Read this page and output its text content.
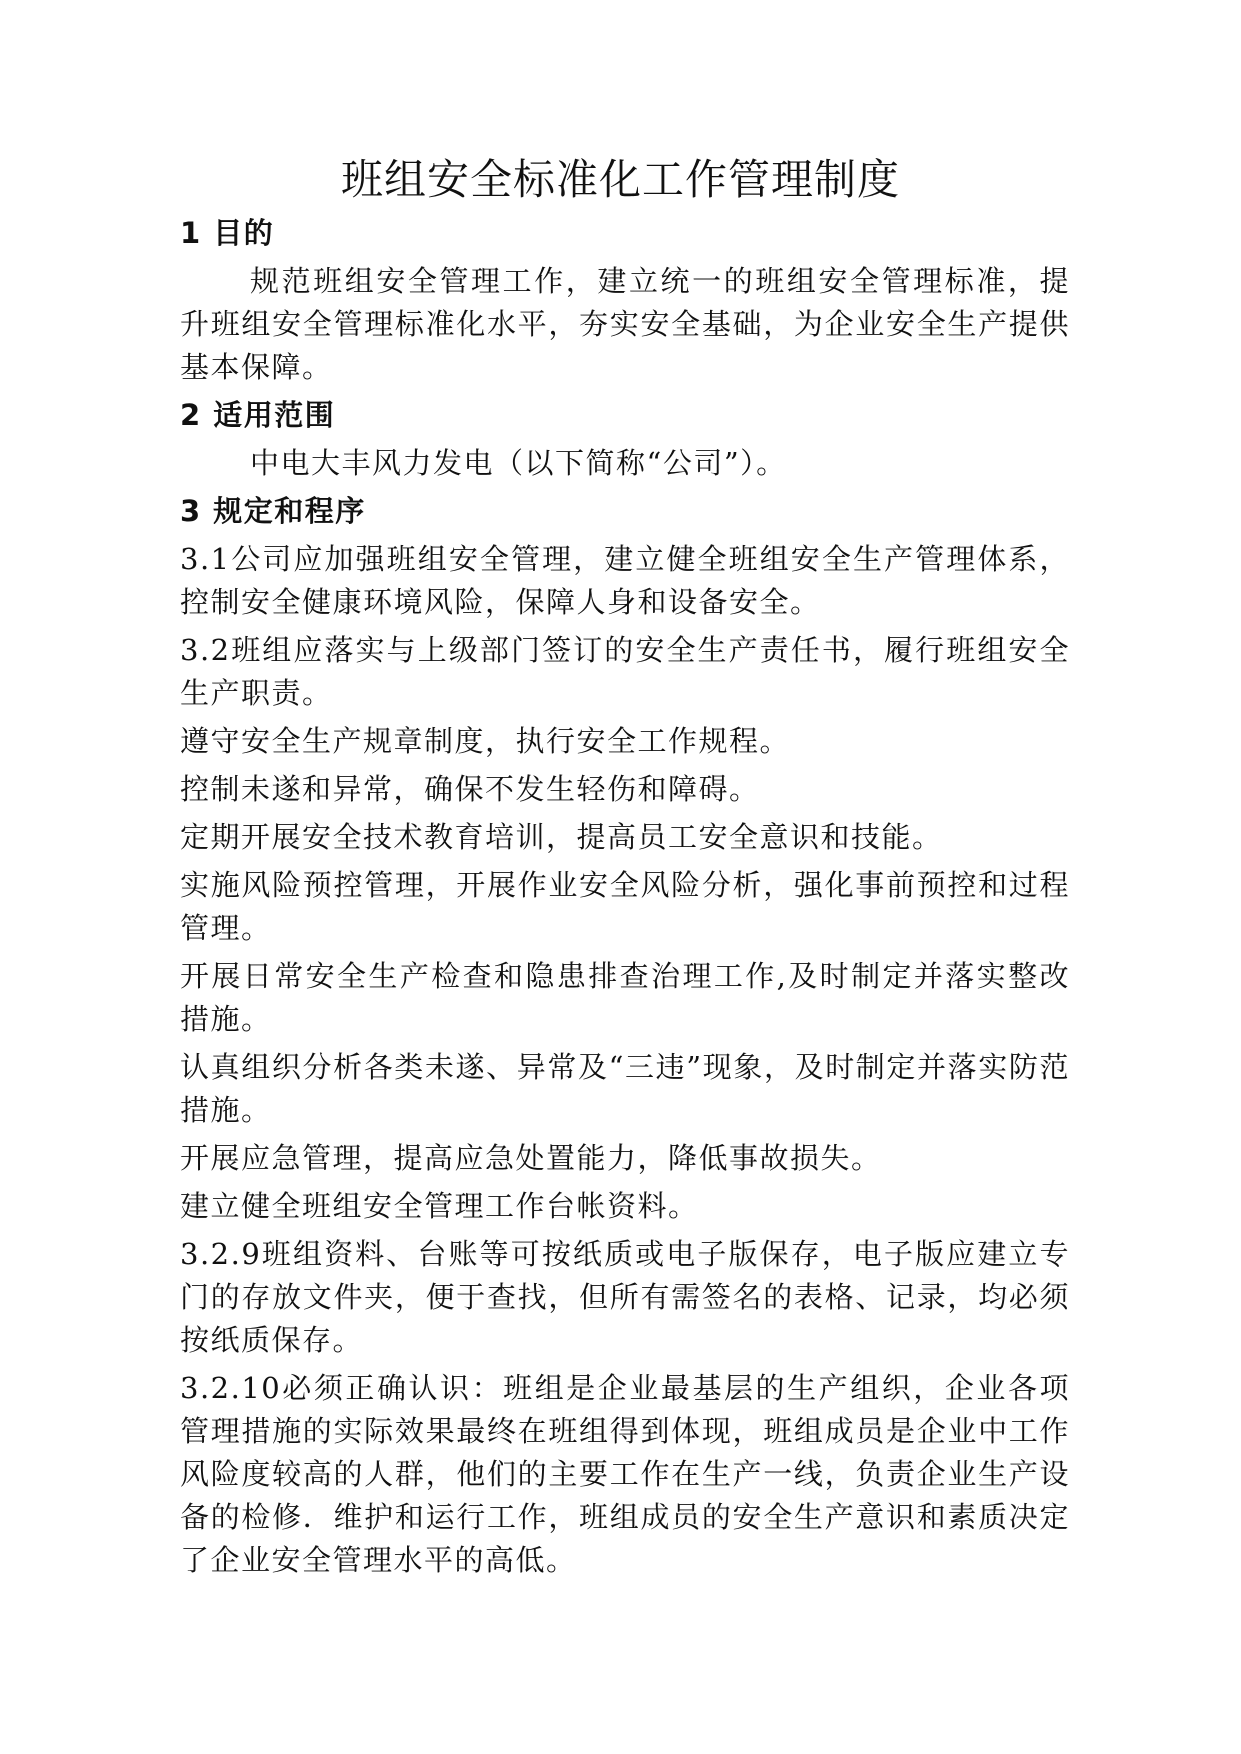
班组安全标准化工作管理制度
1 目的

规范班组安全管理工作，建立统一的班组安全管理标准，提升班组安全管理标准化水平，夯实安全基础，为企业安全生产提供基本保障。

2 适用范围

中电大丰风力发电（以下简称“公司”）。

3 规定和程序

3.1公司应加强班组安全管理，建立健全班组安全生产管理体系，控制安全健康环境风险，保障人身和设备安全。

3.2班组应落实与上级部门签订的安全生产责任书，履行班组安全生产职责。

遵守安全生产规章制度，执行安全工作规程。

控制未遂和异常，确保不发生轻伤和障碍。

定期开展安全技术教育培训，提高员工安全意识和技能。

实施风险预控管理，开展作业安全风险分析，强化事前预控和过程管理。

开展日常安全生产检查和隐患排查治理工作,及时制定并落实整改措施。

认真组织分析各类未遂、异常及“三违”现象，及时制定并落实防范措施。

开展应急管理，提高应急处置能力，降低事故损失。

建立健全班组安全管理工作台帐资料。

3.2.9班组资料、台账等可按纸质或电子版保存，电子版应建立专门的存放文件夹，便于查找，但所有需签名的表格、记录，均必须按纸质保存。

3.2.10必须正确认识：班组是企业最基层的生产组织，企业各项管理措施的实际效果最终在班组得到体现，班组成员是企业中工作风险度较高的人群，他们的主要工作在生产一线，负责企业生产设备的检修．维护和运行工作，班组成员的安全生产意识和素质决定了企业安全管理水平的高低。
